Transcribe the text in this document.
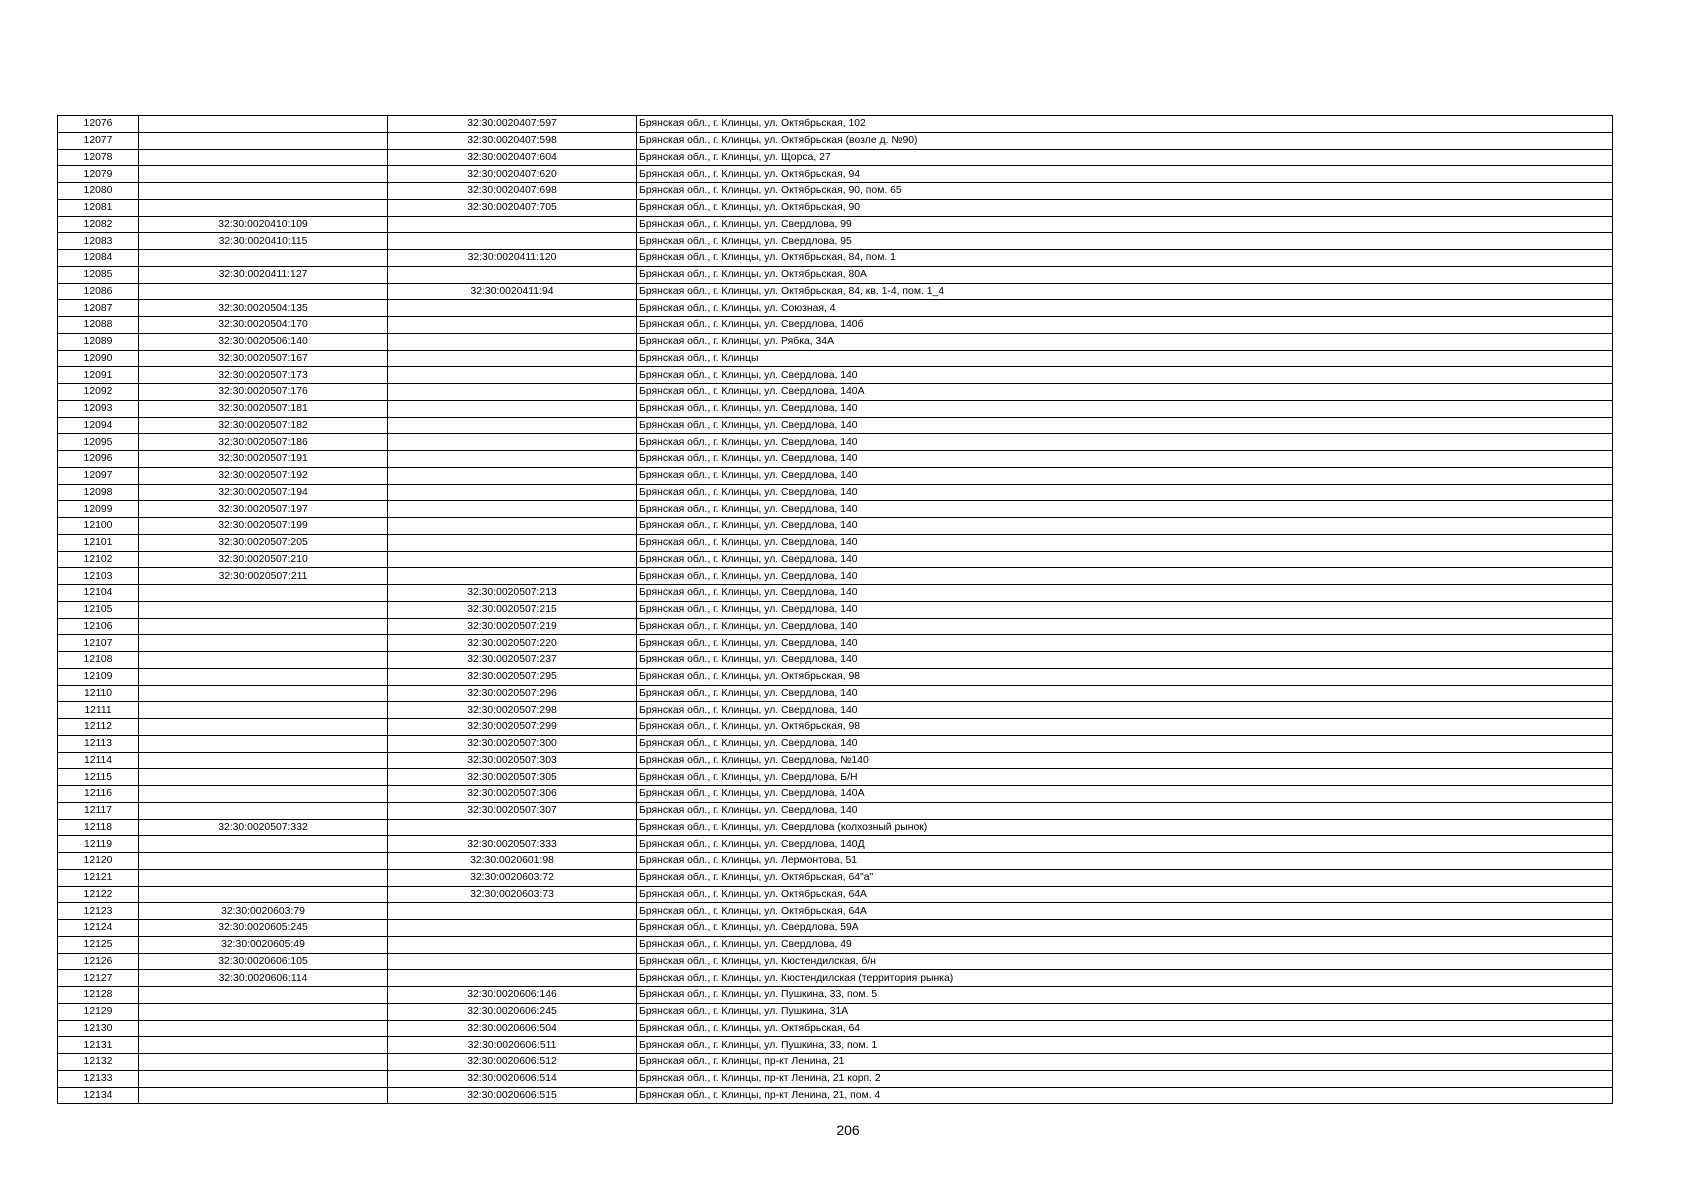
12076		32:30:0020407:597	Брянская обл., г. Клинцы, ул. Октябрьская, 102
12077		32:30:0020407:598	Брянская обл., г. Клинцы, ул. Октябрьская (возле д. №90)
12078		32:30:0020407:604	Брянская обл., г. Клинцы, ул. Щорса, 27
12079		32:30:0020407:620	Брянская обл., г. Клинцы, ул. Октябрьская, 94
12080		32:30:0020407:698	Брянская обл., г. Клинцы, ул. Октябрьская, 90, пом. 65
12081		32:30:0020407:705	Брянская обл., г. Клинцы, ул. Октябрьская, 90
12082	32:30:0020410:109		Брянская обл., г. Клинцы, ул. Свердлова, 99
12083	32:30:0020410:115		Брянская обл., г. Клинцы, ул. Свердлова, 95
12084		32:30:0020411:120	Брянская обл., г. Клинцы, ул. Октябрьская, 84, пом. 1
12085	32:30:0020411:127		Брянская обл., г. Клинцы, ул. Октябрьская, 80А
12086		32:30:0020411:94	Брянская обл., г. Клинцы, ул. Октябрьская, 84, кв. 1-4, пом. 1_4
12087	32:30:0020504:135		Брянская обл., г. Клинцы, ул. Союзная, 4
12088	32:30:0020504:170		Брянская обл., г. Клинцы, ул. Свердлова, 140б
12089	32:30:0020506:140		Брянская обл., г. Клинцы, ул. Рябка, 34А
12090	32:30:0020507:167		Брянская обл., г. Клинцы
12091	32:30:0020507:173		Брянская обл., г. Клинцы, ул. Свердлова, 140
12092	32:30:0020507:176		Брянская обл., г. Клинцы, ул. Свердлова, 140А
12093	32:30:0020507:181		Брянская обл., г. Клинцы, ул. Свердлова, 140
12094	32:30:0020507:182		Брянская обл., г. Клинцы, ул. Свердлова, 140
12095	32:30:0020507:186		Брянская обл., г. Клинцы, ул. Свердлова, 140
12096	32:30:0020507:191		Брянская обл., г. Клинцы, ул. Свердлова, 140
12097	32:30:0020507:192		Брянская обл., г. Клинцы, ул. Свердлова, 140
12098	32:30:0020507:194		Брянская обл., г. Клинцы, ул. Свердлова, 140
12099	32:30:0020507:197		Брянская обл., г. Клинцы, ул. Свердлова, 140
12100	32:30:0020507:199		Брянская обл., г. Клинцы, ул. Свердлова, 140
12101	32:30:0020507:205		Брянская обл., г. Клинцы, ул. Свердлова, 140
12102	32:30:0020507:210		Брянская обл., г. Клинцы, ул. Свердлова, 140
12103	32:30:0020507:211		Брянская обл., г. Клинцы, ул. Свердлова, 140
12104		32:30:0020507:213	Брянская обл., г. Клинцы, ул. Свердлова, 140
12105		32:30:0020507:215	Брянская обл., г. Клинцы, ул. Свердлова, 140
12106		32:30:0020507:219	Брянская обл., г. Клинцы, ул. Свердлова, 140
12107		32:30:0020507:220	Брянская обл., г. Клинцы, ул. Свердлова, 140
12108		32:30:0020507:237	Брянская обл., г. Клинцы, ул. Свердлова, 140
12109		32:30:0020507:295	Брянская обл., г. Клинцы, ул. Октябрьская, 98
12110		32:30:0020507:296	Брянская обл., г. Клинцы, ул. Свердлова, 140
12111		32:30:0020507:298	Брянская обл., г. Клинцы, ул. Свердлова, 140
12112		32:30:0020507:299	Брянская обл., г. Клинцы, ул. Октябрьская, 98
12113		32:30:0020507:300	Брянская обл., г. Клинцы, ул. Свердлова, 140
12114		32:30:0020507:303	Брянская обл., г. Клинцы, ул. Свердлова, №140
12115		32:30:0020507:305	Брянская обл., г. Клинцы, ул. Свердлова, Б/Н
12116		32:30:0020507:306	Брянская обл., г. Клинцы, ул. Свердлова, 140А
12117		32:30:0020507:307	Брянская обл., г. Клинцы, ул. Свердлова, 140
12118	32:30:0020507:332		Брянская обл., г. Клинцы, ул. Свердлова (колхозный рынок)
12119		32:30:0020507:333	Брянская обл., г. Клинцы, ул. Свердлова, 140Д
12120		32:30:0020601:98	Брянская обл., г. Клинцы, ул. Лермонтова, 51
12121		32:30:0020603:72	Брянская обл., г. Клинцы, ул. Октябрьская, 64"а"
12122		32:30:0020603:73	Брянская обл., г. Клинцы, ул. Октябрьская, 64А
12123	32:30:0020603:79		Брянская обл., г. Клинцы, ул. Октябрьская, 64А
12124	32:30:0020605:245		Брянская обл., г. Клинцы, ул. Свердлова, 59А
12125	32:30:0020605:49		Брянская обл., г. Клинцы, ул. Свердлова, 49
12126	32:30:0020606:105		Брянская обл., г. Клинцы, ул. Кюстендилская, б/н
12127	32:30:0020606:114		Брянская обл., г. Клинцы, ул. Кюстендилская (территория рынка)
12128		32:30:0020606:146	Брянская обл., г. Клинцы, ул. Пушкина, 33, пом. 5
12129		32:30:0020606:245	Брянская обл., г. Клинцы, ул. Пушкина, 31А
12130		32:30:0020606:504	Брянская обл., г. Клинцы, ул. Октябрьская, 64
12131		32:30:0020606:511	Брянская обл., г. Клинцы, ул. Пушкина, 33, пом. 1
12132		32:30:0020606:512	Брянская обл., г. Клинцы, пр-кт Ленина, 21
12133		32:30:0020606:514	Брянская обл., г. Клинцы, пр-кт Ленина, 21 корп. 2
12134		32:30:0020606:515	Брянская обл., г. Клинцы, пр-кт Ленина, 21, пом. 4
206
